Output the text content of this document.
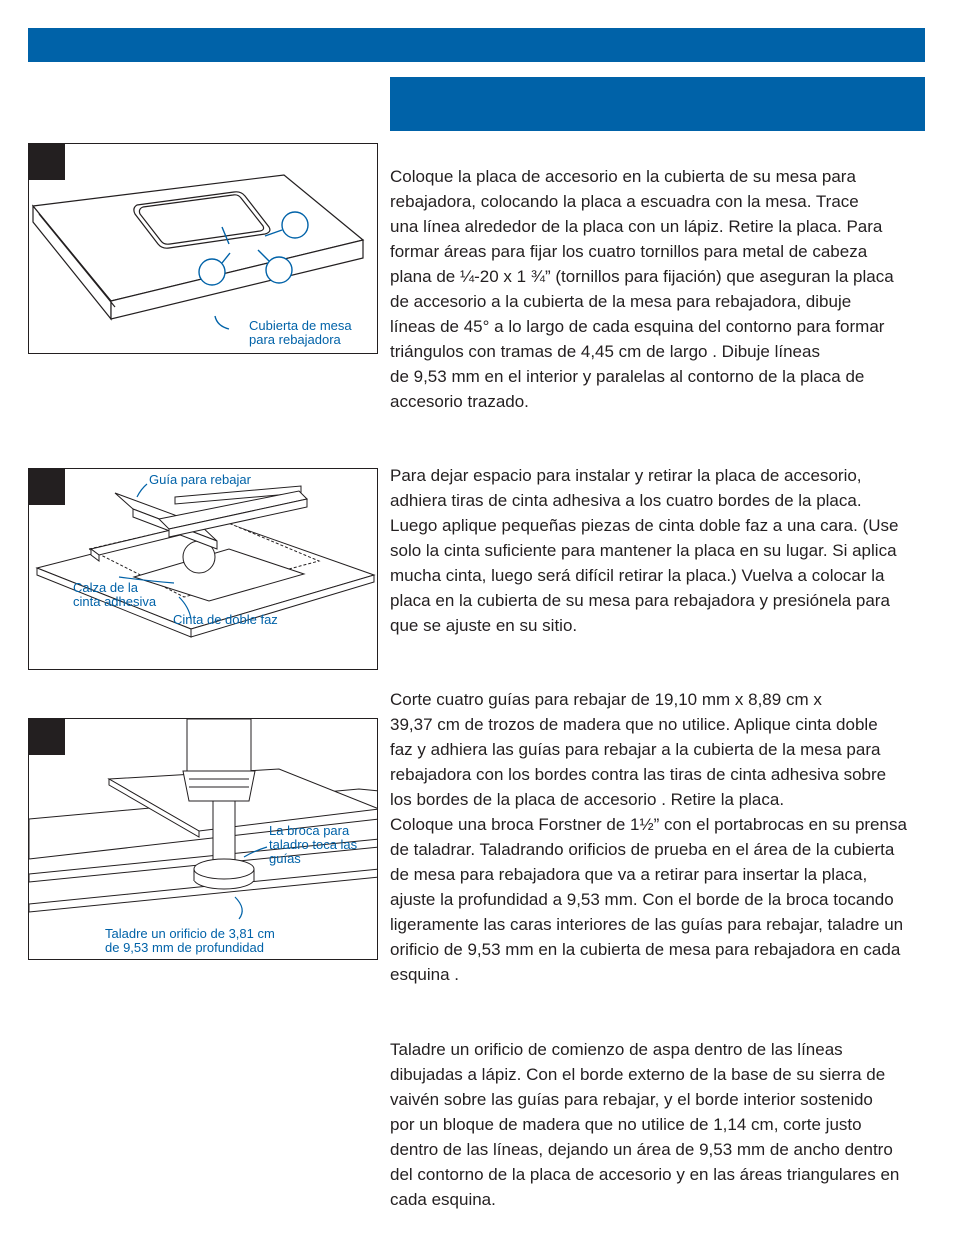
Cubierta de mesa
para rebajadora
Guía para rebajar
Calza de la
cinta adhesiva
Cinta de doble faz
La broca para
taladro toca las
guías
Taladre un orificio de 3,81 cm
de 9,53 mm de profundidad

Coloque la placa de accesorio en la cubierta de su mesa para
rebajadora, colocando la placa a escuadra con la mesa. Trace
una línea alrededor de la placa con un lápiz. Retire la placa. Para
formar áreas para fijar los cuatro tornillos para metal de cabeza
plana de ¼-20 x 1 ¾” (tornillos para fijación) que aseguran la placa
de accesorio a la cubierta de la mesa para rebajadora, dibuje
líneas de 45° a lo largo de cada esquina del contorno para formar
triángulos con tramas de 4,45 cm de largo . Dibuje líneas
de 9,53 mm en el interior y paralelas al contorno de la placa de
accesorio trazado.

Para dejar espacio para instalar y retirar la placa de accesorio,
adhiera tiras de cinta adhesiva a los cuatro bordes de la placa.
Luego aplique pequeñas piezas de cinta doble faz a una cara. (Use
solo la cinta suficiente para mantener la placa en su lugar. Si aplica
mucha cinta, luego será difícil retirar la placa.) Vuelva a colocar la
placa en la cubierta de su mesa para rebajadora y presiónela para
que se ajuste en su sitio.

Corte cuatro guías para rebajar de 19,10 mm x 8,89 cm x
39,37 cm de trozos de madera que no utilice. Aplique cinta doble
faz y adhiera las guías para rebajar a la cubierta de la mesa para
rebajadora con los bordes contra las tiras de cinta adhesiva sobre
los bordes de la placa de accesorio . Retire la placa.
Coloque una broca Forstner de 1½” con el portabrocas en su prensa
de taladrar. Taladrando orificios de prueba en el área de la cubierta
de mesa para rebajadora que va a retirar para insertar la placa,
ajuste la profundidad a 9,53 mm. Con el borde de la broca tocando
ligeramente las caras interiores de las guías para rebajar, taladre un
orificio de 9,53 mm en la cubierta de mesa para rebajadora en cada
esquina .

Taladre un orificio de comienzo de aspa dentro de las líneas
dibujadas a lápiz. Con el borde externo de la base de su sierra de
vaivén sobre las guías para rebajar, y el borde interior sostenido
por un bloque de madera que no utilice de 1,14 cm, corte justo
dentro de las líneas, dejando un área de 9,53 mm de ancho dentro
del contorno de la placa de accesorio y en las áreas triangulares en
cada esquina.
